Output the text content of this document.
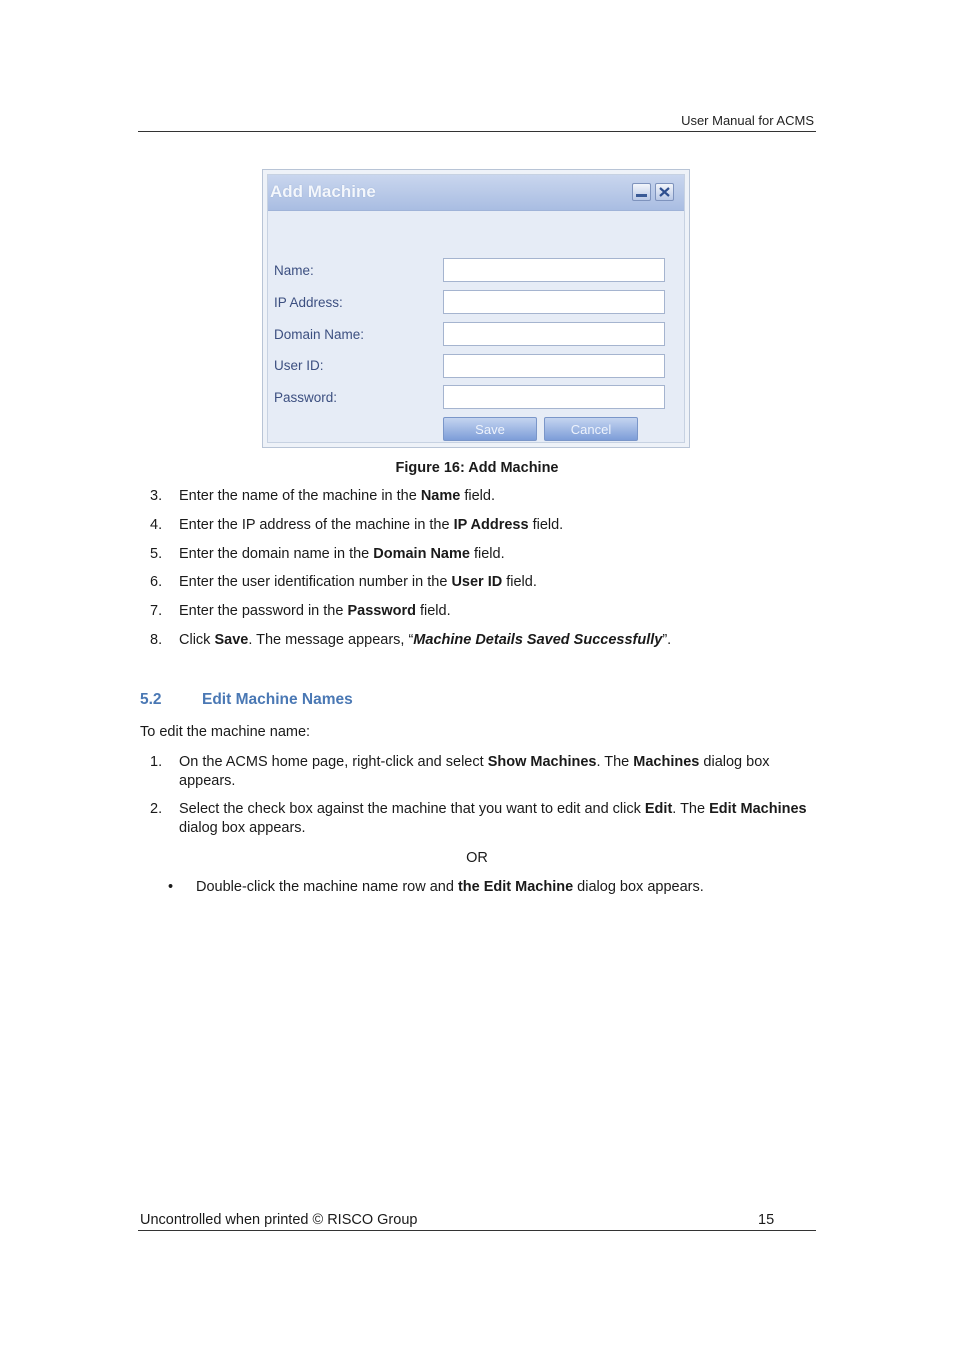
User Manual for ACMS
Add Machine
Name:
IP Address:
Domain Name:
User ID:
Password:
Save	Cancel
Figure 16: Add Machine
3. Enter the name of the machine in the Name field.
4. Enter the IP address of the machine in the IP Address field.
5. Enter the domain name in the Domain Name field.
6. Enter the user identification number in the User ID field.
7. Enter the password in the Password field.
8. Click Save. The message appears, “Machine Details Saved Successfully”.
5.2	Edit Machine Names
To edit the machine name:
1. On the ACMS home page, right-click and select Show Machines. The Machines dialog box appears.
2. Select the check box against the machine that you want to edit and click Edit. The Edit Machines dialog box appears.
OR
• Double-click the machine name row and the Edit Machine dialog box appears.
Uncontrolled when printed © RISCO Group	15
